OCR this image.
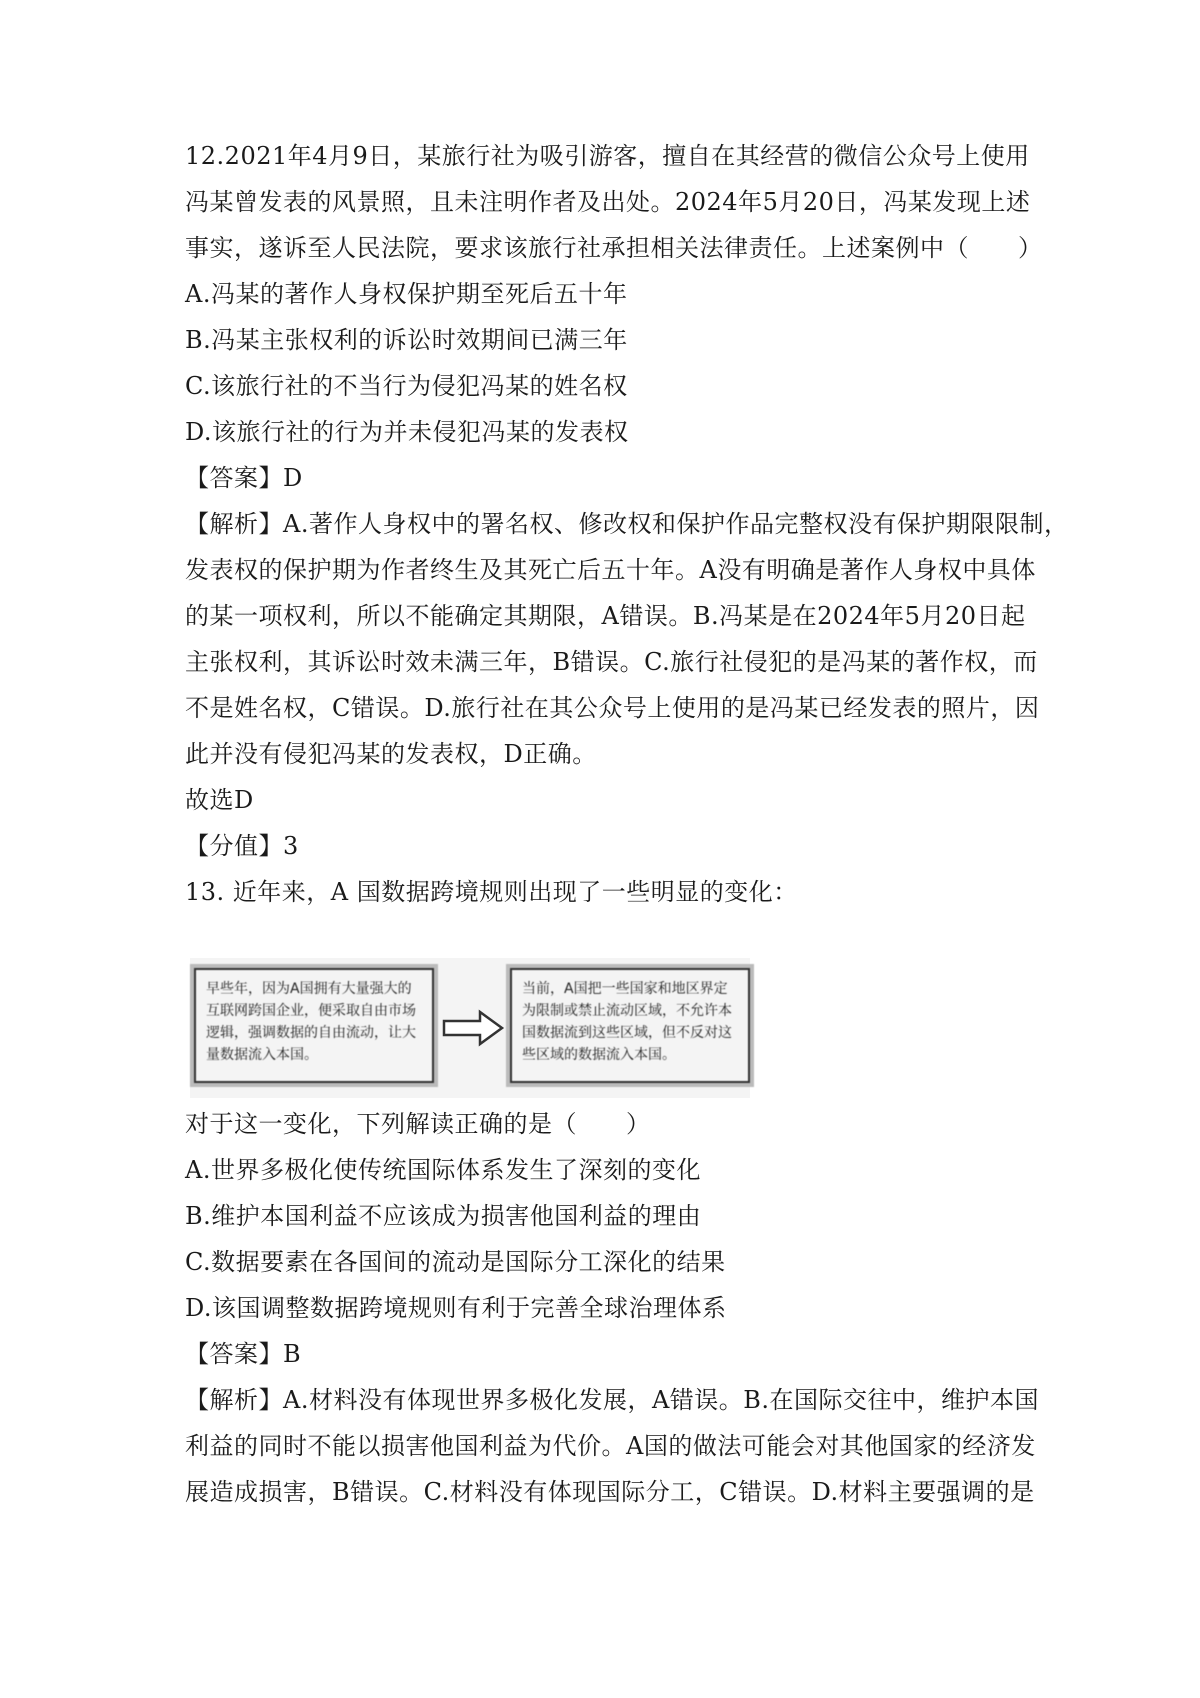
12.2021年4月9日，某旅行社为吸引游客，擅自在其经营的微信公众号上使用
冯某曾发表的风景照，且未注明作者及出处。2024年5月20日，冯某发现上述
事实，遂诉至人民法院，要求该旅行社承担相关法律责任。上述案例中（　　）
A.冯某的著作人身权保护期至死后五十年
B.冯某主张权利的诉讼时效期间已满三年
C.该旅行社的不当行为侵犯冯某的姓名权
D.该旅行社的行为并未侵犯冯某的发表权
【答案】D
【解析】A.著作人身权中的署名权、修改权和保护作品完整权没有保护期限限制，
发表权的保护期为作者终生及其死亡后五十年。A没有明确是著作人身权中具体
的某一项权利，所以不能确定其期限，A错误。B.冯某是在2024年5月20日起
主张权利，其诉讼时效未满三年，B错误。C.旅行社侵犯的是冯某的著作权，而
不是姓名权，C错误。D.旅行社在其公众号上使用的是冯某已经发表的照片，因
此并没有侵犯冯某的发表权，D正确。
故选D
【分值】3
13. 近年来，A 国数据跨境规则出现了一些明显的变化：
早些年，因为A国拥有大量强大的互联网跨国企业，便采取自由市场逻辑，强调数据的自由流动，让大量数据流入本国。
当前，A国把一些国家和地区界定为限制或禁止流动区域，不允许本国数据流到这些区域，但不反对这些区域的数据流入本国。
对于这一变化，下列解读正确的是（　　）
A.世界多极化使传统国际体系发生了深刻的变化
B.维护本国利益不应该成为损害他国利益的理由
C.数据要素在各国间的流动是国际分工深化的结果
D.该国调整数据跨境规则有利于完善全球治理体系
【答案】B
【解析】A.材料没有体现世界多极化发展，A错误。B.在国际交往中，维护本国
利益的同时不能以损害他国利益为代价。A国的做法可能会对其他国家的经济发
展造成损害，B错误。C.材料没有体现国际分工，C错误。D.材料主要强调的是
